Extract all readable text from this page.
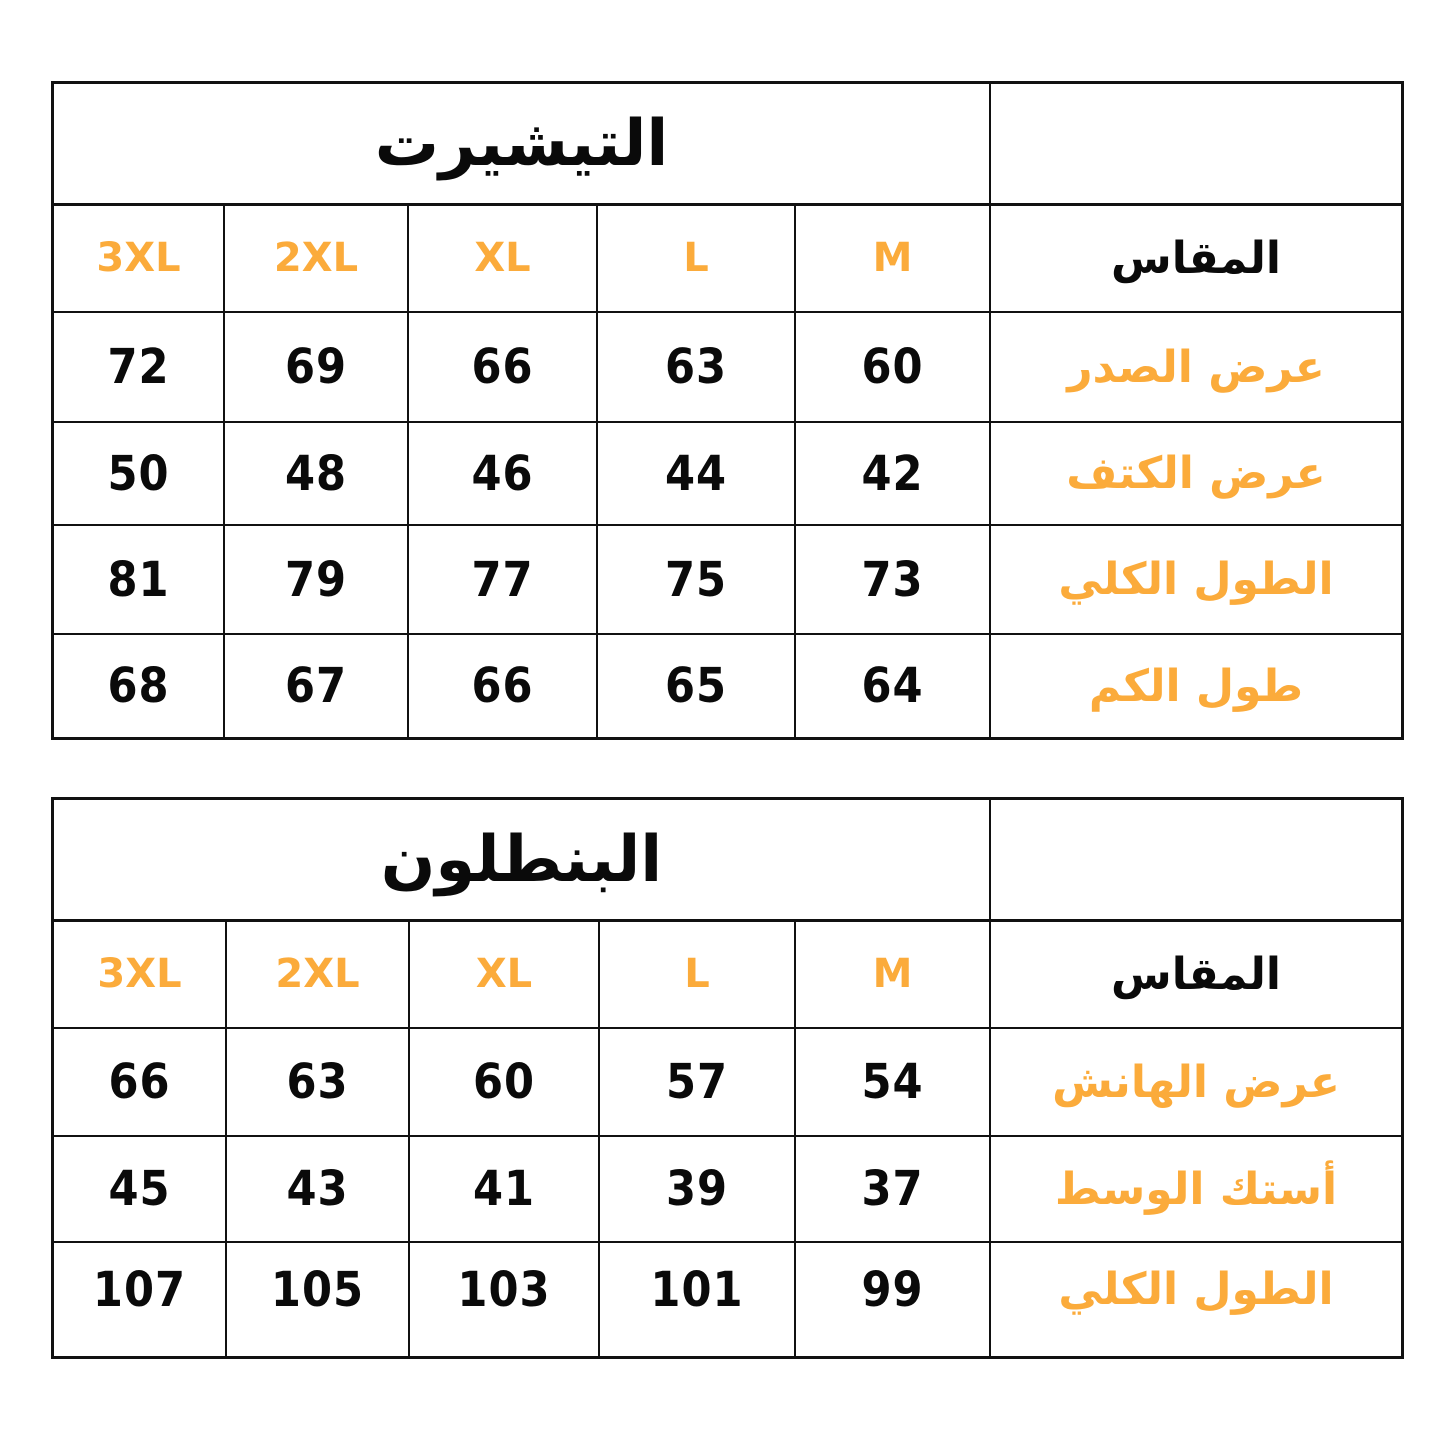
التيشيرت
المقاس
M
L
XL
2XL
3XL
عرض الصدر
60
63
66
69
72
عرض الكتف
42
44
46
48
50
الطول الكلي
73
75
77
79
81
طول الكم
64
65
66
67
68
البنطلون
المقاس
M
L
XL
2XL
3XL
عرض الهانش
54
57
60
63
66
أستك الوسط
37
39
41
43
45
الطول الكلي
99
101
103
105
107
